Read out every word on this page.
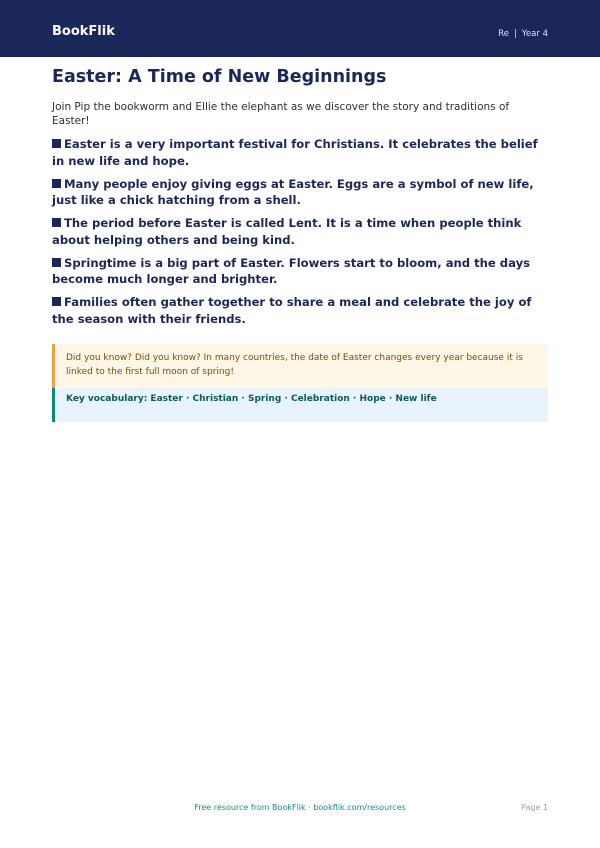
BookFlik	Re | Year 4
Easter: A Time of New Beginnings

Join Pip the bookworm and Ellie the elephant as we discover the story and traditions of Easter!

Easter is a very important festival for Christians. It celebrates the belief in new life and hope.
Many people enjoy giving eggs at Easter. Eggs are a symbol of new life, just like a chick hatching from a shell.
The period before Easter is called Lent. It is a time when people think about helping others and being kind.
Springtime is a big part of Easter. Flowers start to bloom, and the days become much longer and brighter.
Families often gather together to share a meal and celebrate the joy of the season with their friends.
Did you know? Did you know? In many countries, the date of Easter changes every year because it is linked to the first full moon of spring!
Key vocabulary: Easter · Christian · Spring · Celebration · Hope · New life
Free resource from BookFlik · bookflik.com/resources	Page 1
